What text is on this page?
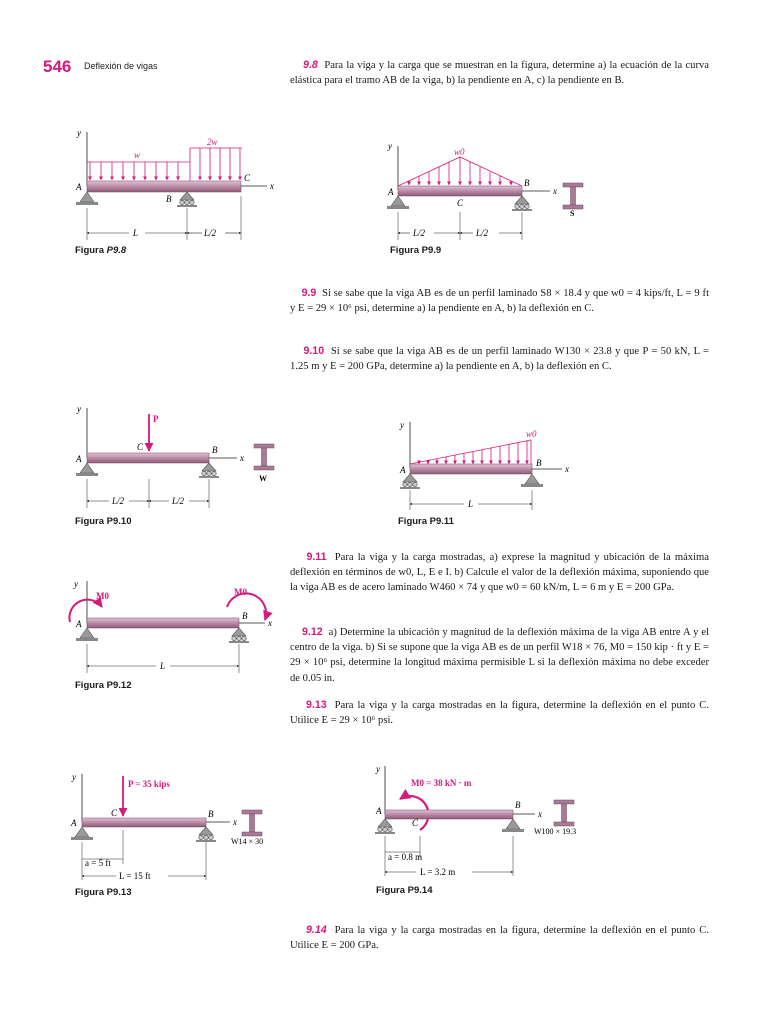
546 Deflexión de vigas	9.8 Para la viga y la carga que se muestran en la figura, determine a) la ecuación de la curva elástica para el tramo AB de la viga, b) la pendiente en A, c) la pendiente en B.
y
w
2w
x
A
C
B
L	L/2
Figura P9.8
y
w0
x
A
B
C
S
L/2	L/2
Figura P9.9
9.9 Si se sabe que la viga AB es de un perfil laminado S8 × 18.4 y que w0 = 4 kips/ft, L = 9 ft y E = 29 × 10⁶ psi, determine a) la pendiente en A, b) la deflexión en C.
9.10 Si se sabe que la viga AB es de un perfil laminado W130 × 23.8 y que P = 50 kN, L = 1.25 m y E = 200 GPa, determine a) la pendiente en A, b) la deflexión en C.
y
P
x
A
B
C
W
L/2	L/2
Figura P9.10
y
w0
x
A
B
L
Figura P9.11
9.11 Para la viga y la carga mostradas, a) exprese la magnitud y ubicación de la máxima deflexión en términos de w0, L, E e I. b) Calcule el valor de la deflexión máxima, suponiendo que la viga AB es de acero laminado W460 × 74 y que w0 = 60 kN/m, L = 6 m y E = 200 GPa.
y
M0	M0
x
A
B
L
Figura P9.12
9.12 a) Determine la ubicación y magnitud de la deflexión máxima de la viga AB entre A y el centro de la viga. b) Si se supone que la viga AB es de un perfil W18 × 76, M0 = 150 kip · ft y E = 29 × 10⁶ psi, determine la longitud máxima permisible L si la deflexión máxima no debe exceder de 0.05 in.
9.13 Para la viga y la carga mostradas en la figura, determine la deflexión en el punto C. Utilice E = 29 × 10⁶ psi.
y
P = 35 kips
x
A
B
C
W14 × 30
a = 5 ft
L = 15 ft
Figura P9.13
y
M0 = 38 kN · m
x
A
B
C
W100 × 19.3
a = 0.8 m
L = 3.2 m
Figura P9.14
9.14 Para la viga y la carga mostradas en la figura, determine la deflexión en el punto C. Utilice E = 200 GPa.
